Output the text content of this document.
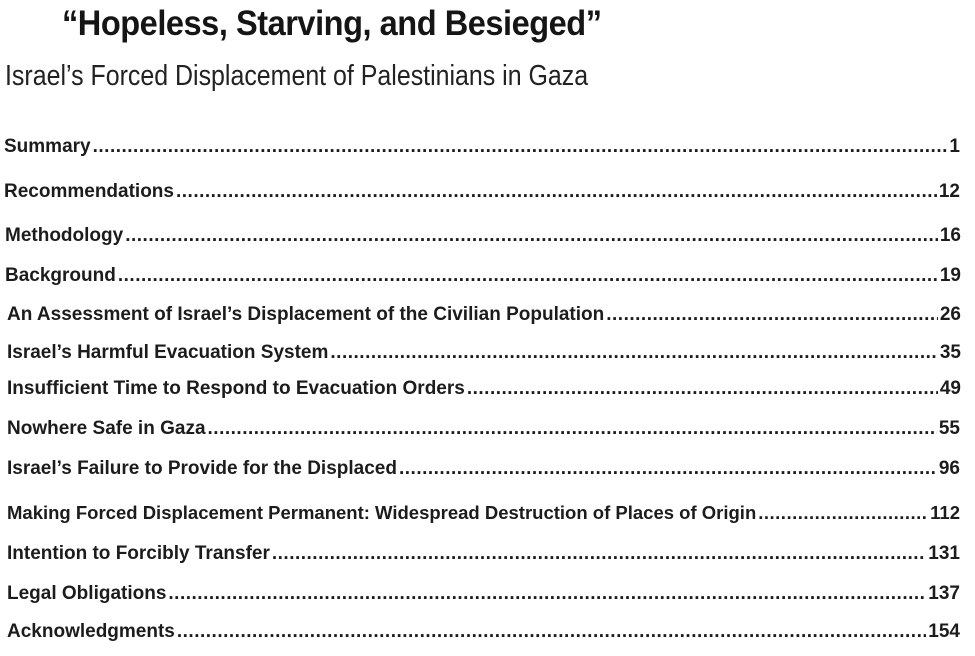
“Hopeless, Starving, and Besieged”
Israel’s Forced Displacement of Palestinians in Gaza
Summary .....	1
Recommendations .....	12
Methodology .....	16
Background .....	19
An Assessment of Israel’s Displacement of the Civilian Population .....	26
Israel’s Harmful Evacuation System .....	35
Insufficient Time to Respond to Evacuation Orders .....	49
Nowhere Safe in Gaza .....	55
Israel’s Failure to Provide for the Displaced .....	96
Making Forced Displacement Permanent: Widespread Destruction of Places of Origin .....	112
Intention to Forcibly Transfer .....	131
Legal Obligations .....	137
Acknowledgments .....	154
